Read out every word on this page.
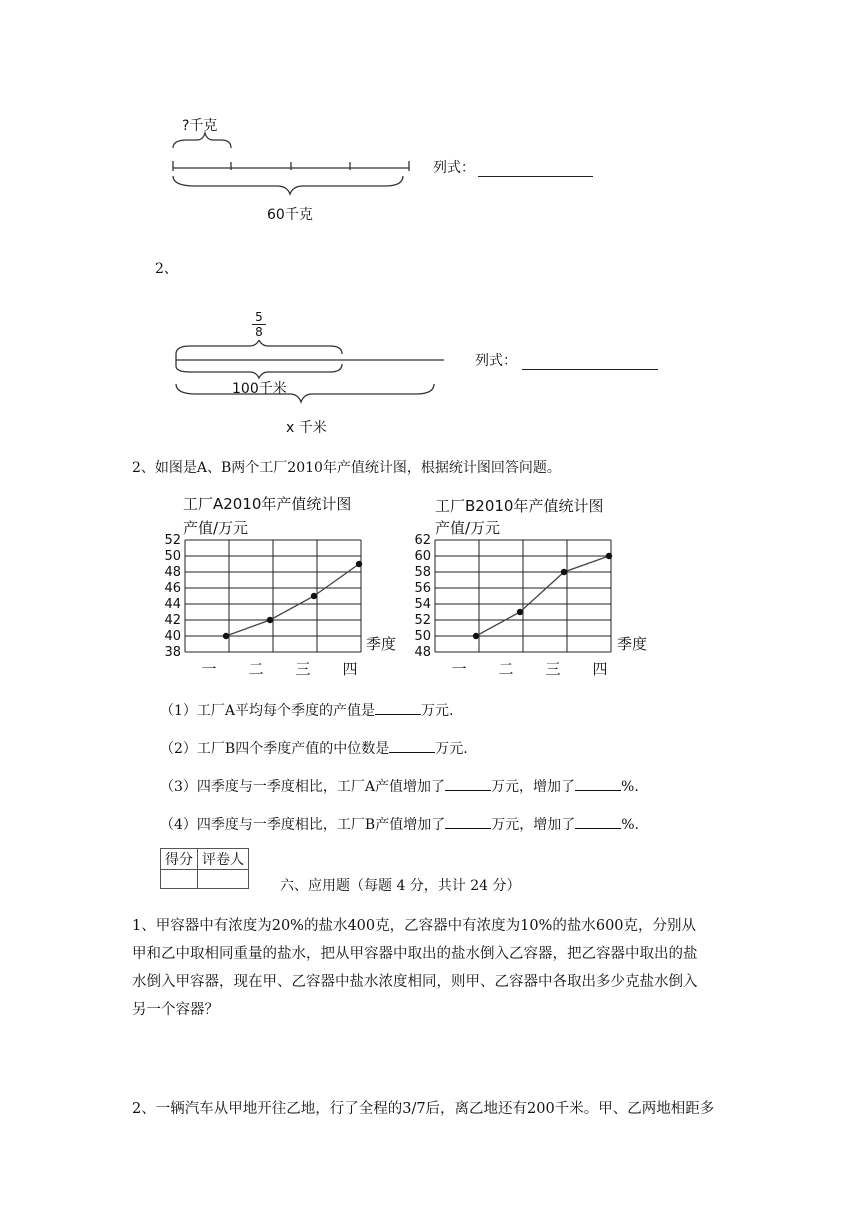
?千克
60千克
列式：
2、
5
8
100千米
x 千米
列式：
2、如图是A、B两个工厂2010年产值统计图，根据统计图回答问题。
工厂A2010年产值统计图
产值/万元
季度
52
50
48
46
44
42
40
38
一 二 三 四
工厂B2010年产值统计图
产值/万元
季度
62
60
58
56
54
52
50
48
一 二 三 四
（1）工厂A平均每个季度的产值是	万元.
（2）工厂B四个季度产值的中位数是	万元.
（3）四季度与一季度相比，工厂A产值增加了	万元，增加了	%.
（4）四季度与一季度相比，工厂B产值增加了	万元，增加了	%.
得分	评卷人

六、应用题（每题 4 分，共计 24 分）
1、甲容器中有浓度为20%的盐水400克，乙容器中有浓度为10%的盐水600克，分别从甲和乙中取相同重量的盐水，把从甲容器中取出的盐水倒入乙容器，把乙容器中取出的盐水倒入甲容器，现在甲、乙容器中盐水浓度相同，则甲、乙容器中各取出多少克盐水倒入另一个容器？
2、一辆汽车从甲地开往乙地，行了全程的3/7后，离乙地还有200千米。甲、乙两地相距多
